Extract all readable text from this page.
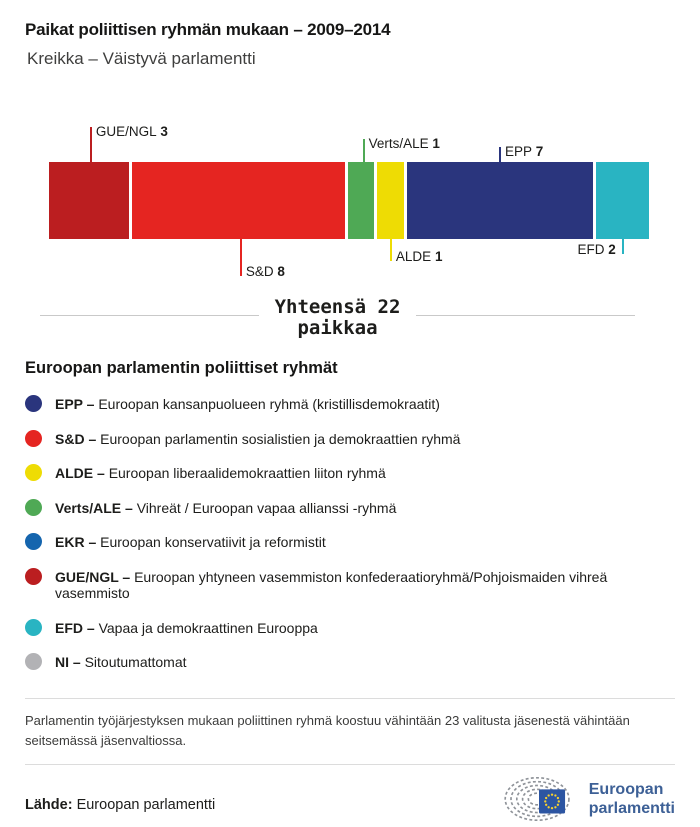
Paikat poliittisen ryhmän mukaan – 2009–2014
Kreikka – Väistyvä parlamentti
GUE/NGL 3
S&D 8
Verts/ALE 1
ALDE 1
EPP 7
EFD 2
Yhteensä 22
paikkaa
Euroopan parlamentin poliittiset ryhmät
EPP – Euroopan kansanpuolueen ryhmä (kristillisdemokraatit)
S&D – Euroopan parlamentin sosialistien ja demokraattien ryhmä
ALDE – Euroopan liberaalidemokraattien liiton ryhmä
Verts/ALE – Vihreät / Euroopan vapaa allianssi -ryhmä
EKR – Euroopan konservatiivit ja reformistit
GUE/NGL – Euroopan yhtyneen vasemmiston konfederaatioryhmä/Pohjoismaiden vihreä vasemmisto
EFD – Vapaa ja demokraattinen Eurooppa
NI – Sitoutumattomat

Parlamentin työjärjestyksen mukaan poliittinen ryhmä koostuu vähintään 23 valitusta jäsenestä vähintään seitsemässä jäsenvaltiossa.

Lähde: Euroopan parlamentti
Euroopan
parlamentti
